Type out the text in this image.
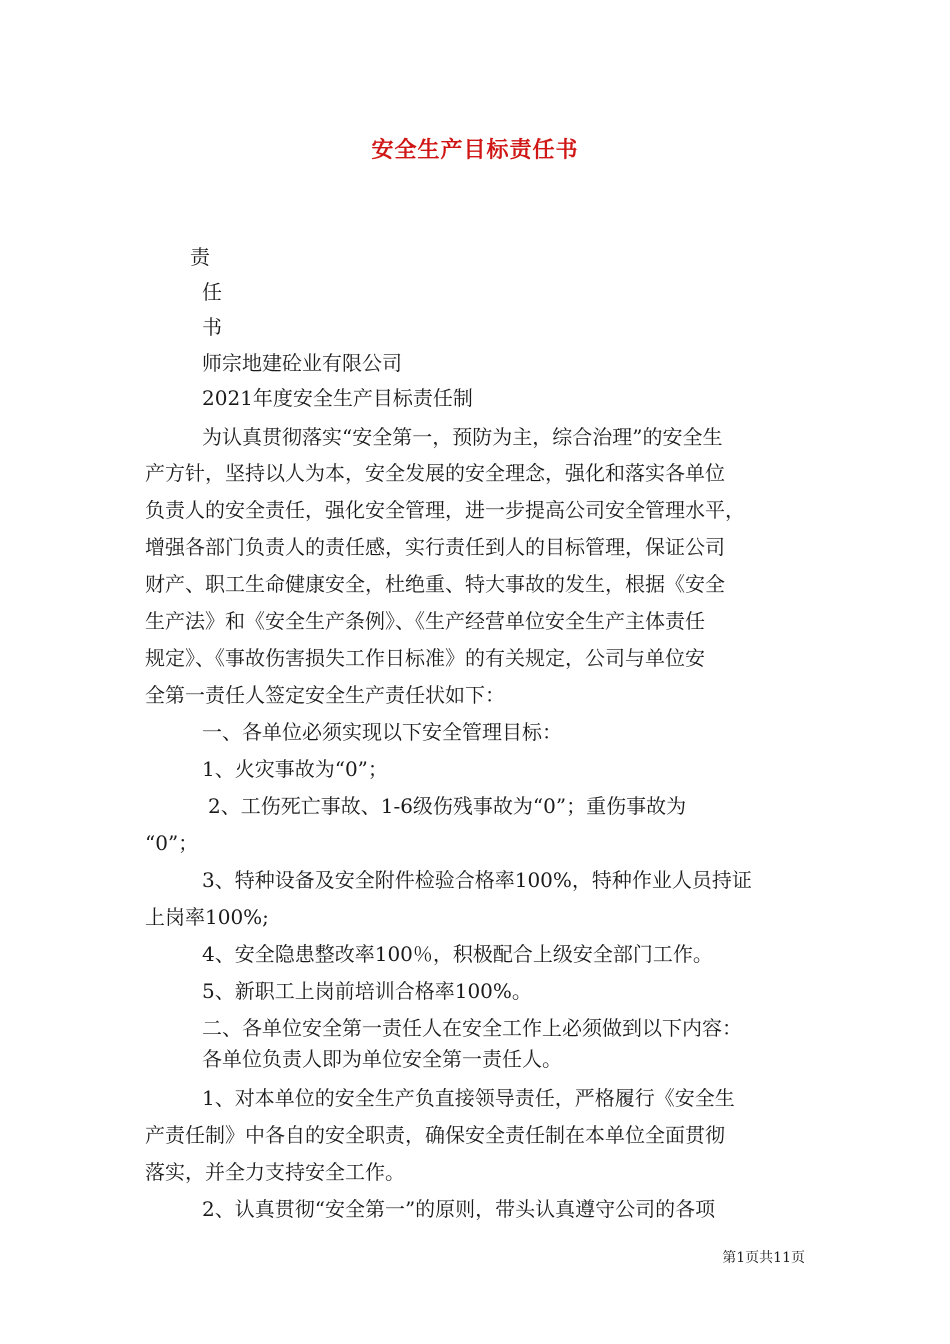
安全生产目标责任书
责
任
书
师宗地建砼业有限公司
2021年度安全生产目标责任制
为认真贯彻落实“安全第一，预防为主，综合治理”的安全生
产方针，坚持以人为本，安全发展的安全理念，强化和落实各单位
负责人的安全责任，强化安全管理，进一步提高公司安全管理水平，
增强各部门负责人的责任感，实行责任到人的目标管理，保证公司
财产、职工生命健康安全，杜绝重、特大事故的发生，根据《安全
生产法》和《安全生产条例》、《生产经营单位安全生产主体责任
规定》、《事故伤害损失工作日标准》的有关规定，公司与单位安
全第一责任人签定安全生产责任状如下：
一、各单位必须实现以下安全管理目标：
1、火灾事故为“0”；
2、工伤死亡事故、1-6级伤残事故为“0”；重伤事故为
“0”；
3、特种设备及安全附件检验合格率100%，特种作业人员持证
上岗率100%;
4、安全隐患整改率100％，积极配合上级安全部门工作。
5、新职工上岗前培训合格率100%。
二、各单位安全第一责任人在安全工作上必须做到以下内容：
各单位负责人即为单位安全第一责任人。
1、对本单位的安全生产负直接领导责任，严格履行《安全生
产责任制》中各自的安全职责，确保安全责任制在本单位全面贯彻
落实，并全力支持安全工作。
2、认真贯彻“安全第一”的原则，带头认真遵守公司的各项
第1页共11页
